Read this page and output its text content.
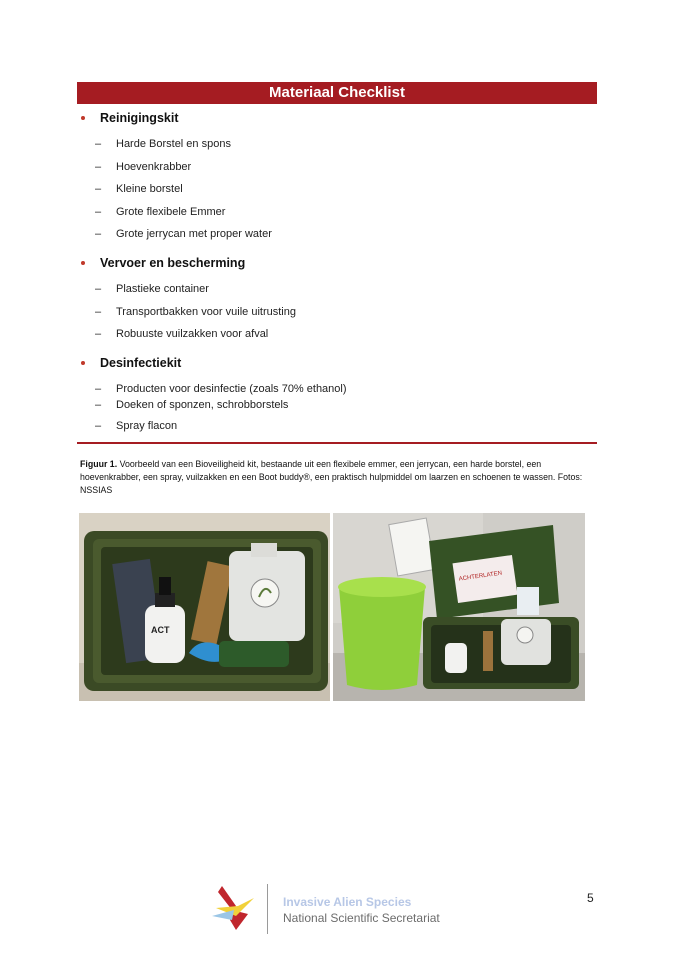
Materiaal Checklist
Reinigingskit
– Harde Borstel en spons
– Hoevenkrabber
– Kleine borstel
– Grote flexibele Emmer
– Grote jerrycan met proper water
Vervoer en bescherming
– Plastieke container
– Transportbakken voor vuile uitrusting
– Robuuste vuilzakken voor afval
Desinfectiekit
– Producten voor desinfectie (zoals 70% ethanol)
– Doeken of sponzen, schrobborstels
– Spray flacon
Figuur 1. Voorbeeld van een Bioveiligheid kit, bestaande uit een flexibele emmer, een jerrycan, een harde borstel, een hoevenkrabber, een spray, vuilzakken en een Boot buddy®, een praktisch hulpmiddel om laarzen en schoenen te wassen. Fotos: NSSIAS
ACT
ACHTERLATEN
Invasive Alien Species
National Scientific Secretariat
5
